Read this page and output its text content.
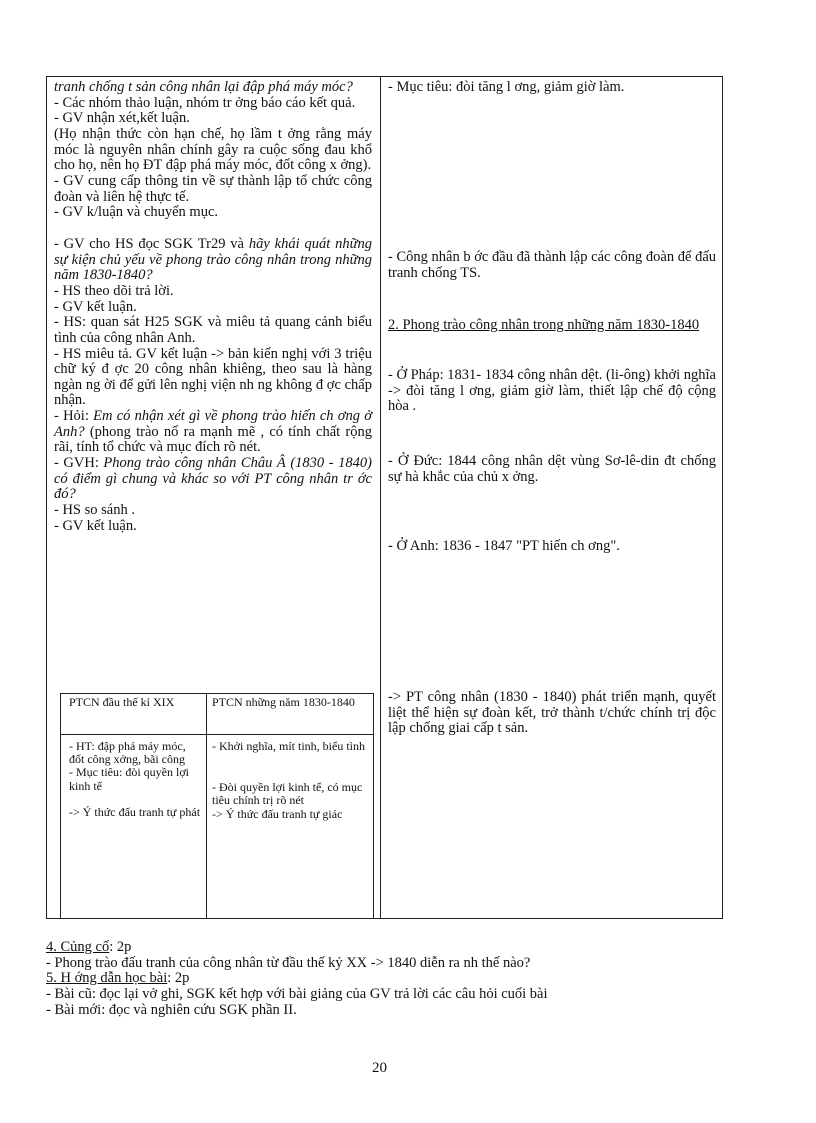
tranh chống t sản công nhân lại đập phá máy móc?

- Các nhóm thảo luận, nhóm tr ởng báo cáo kết quả.

- GV nhận xét,kết luận.

(Họ nhận thức còn hạn chế, họ lầm t ởng rằng máy móc là nguyên nhân chính gây ra cuộc sống đau khổ cho họ, nên họ ĐT đập phá máy móc, đốt công x ởng).

- GV cung cấp thông tin về sự thành lập tổ chức công đoàn và liên hệ thực tế.

- GV k/luận và chuyển mục.

- GV cho HS đọc SGK Tr29 và hãy khái quát những sự kiện chủ yếu về phong trào công nhân trong những năm 1830-1840?

- HS theo dõi trả lời.

- GV kết luận.

- HS: quan sát H25 SGK và miêu tả quang cảnh biểu tình của công nhân Anh.

- HS miêu tả. GV kết luận -> bản kiến nghị với 3 triệu chữ ký đ ợc 20 công nhân khiêng, theo sau là hàng ngàn ng ời để gửi lên nghị viện nh ng không đ ợc chấp nhận.

- Hỏi: Em có nhận xét gì về phong trào hiến ch ơng ở Anh? (phong trào nổ ra mạnh mẽ , có tính chất rộng rãi, tính tổ chức và mục đích rõ nét.

- GVH: Phong trào công nhân Châu Â (1830 - 1840) có điểm gì chung và khác so với PT công nhân tr ớc đó?

- HS so sánh .

- GV kết luận.

PTCN đầu thế kỉ XIX	PTCN những năm 1830-1840
- HT: đập phá máy móc, đốt công xởng, bãi công
- Mục tiêu: đòi quyền lợi kinh tế
-> Ý thức đấu tranh tự phát
- Khởi nghĩa, mít tinh, biểu tình
- Đòi quyền lợi kinh tế, có mục tiêu chính trị rõ nét
-> Ý thức đấu tranh tự giác

- Mục tiêu: đòi tăng l ơng, giảm giờ làm.

- Công nhân b ớc đầu đã thành lập các công đoàn để đấu tranh chống TS.

2. Phong trào công nhân trong những năm 1830-1840

- Ở Pháp: 1831- 1834 công nhân dệt. (li-ông) khởi nghĩa -> đòi tăng l ơng, giảm giờ làm, thiết lập chế độ cộng hòa .

- Ở Đức: 1844 công nhân dệt vùng Sơ-lê-din đt chống sự hà khắc của chủ x ởng.

- Ở Anh: 1836 - 1847 "PT hiến ch ơng".

-> PT công nhân (1830 - 1840) phát triển mạnh, quyết liệt thể hiện sự đoàn kết, trở thành t/chức chính trị độc lập chống giai cấp t sản.

4. Củng cố: 2p

- Phong trào đấu tranh của công nhân từ đầu thế kỷ XX -> 1840 diễn ra nh thế nào?

5. H ớng dẫn học bài: 2p

- Bài cũ: đọc lại vở ghi, SGK kết hợp với bài giảng của GV trả lời các câu hỏi cuối bài

- Bài mới: đọc và nghiên cứu SGK phần II.

20
